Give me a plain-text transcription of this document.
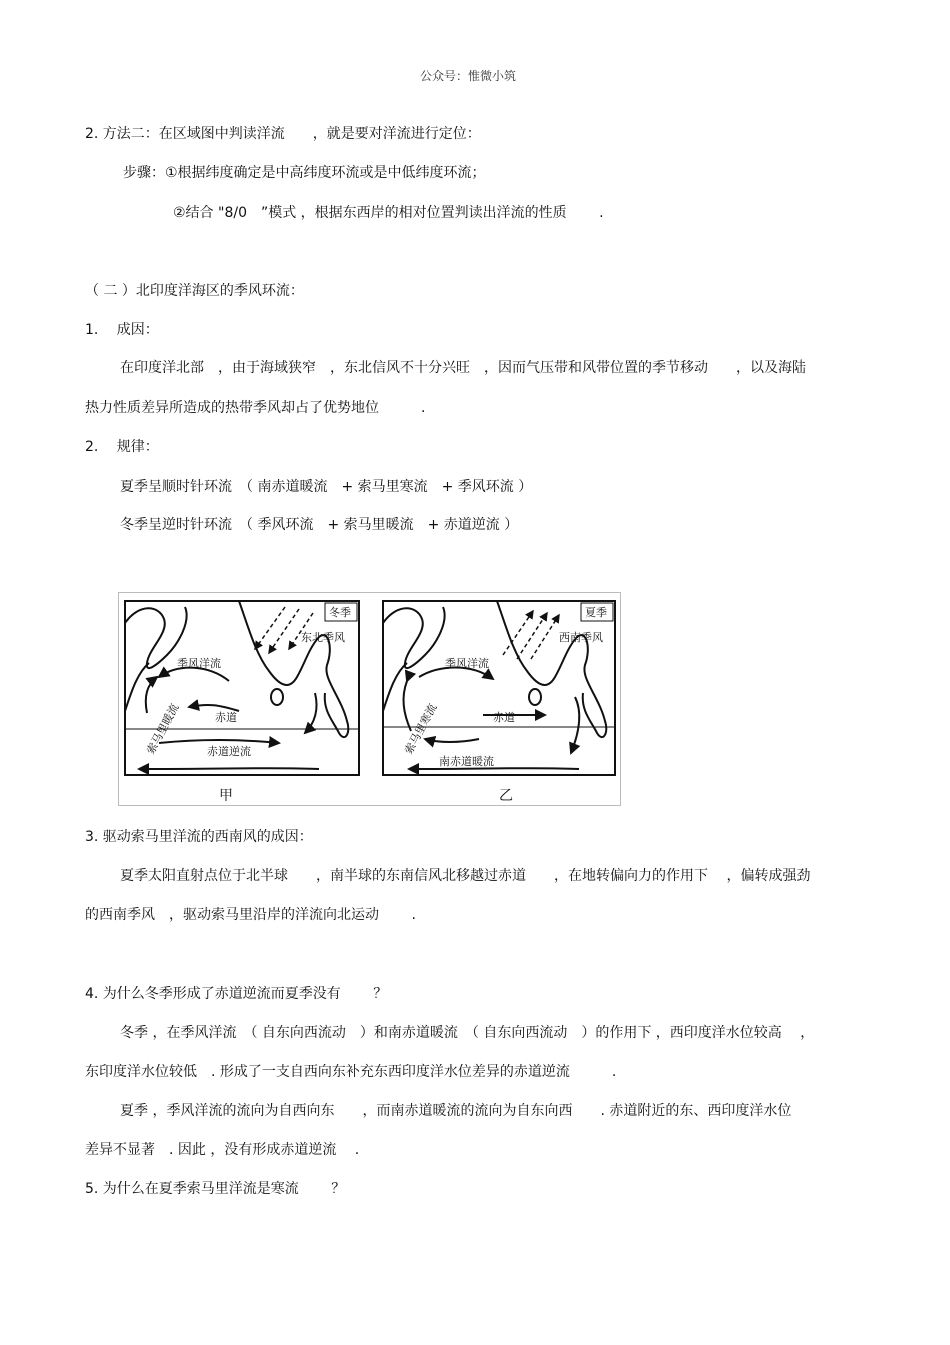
公众号：惟微小筑
2. 方法二：在区域图中判读洋流　　，就是要对洋流进行定位：
步骤：①根据纬度确定是中高纬度环流或是中低纬度环流；
②结合 "8/0　”模式 ，根据东西岸的相对位置判读出洋流的性质　　 .
（ 二 ）北印度洋海区的季风环流：
1.　 成因：
在印度洋北部　，由于海域狭窄　，东北信风不十分兴旺　，因而气压带和风带位置的季节移动　　，以及海陆
热力性质差异所造成的热带季风却占了优势地位　　　.
2.　 规律：
夏季呈顺时针环流　（ 南赤道暖流　+ 索马里寒流　+ 季风环流 ）
冬季呈逆时针环流　（ 季风环流　+ 索马里暖流　+ 赤道逆流 ）
冬季
东北季风
季风洋流
赤道
索马里暖流 赤道逆流
夏季
西南季风
季风洋流
赤道
索马里寒流
南赤道暖流
甲	乙
3. 驱动索马里洋流的西南风的成因：
夏季太阳直射点位于北半球　　，南半球的东南信风北移越过赤道　　，在地转偏向力的作用下　 ，偏转成强劲
的西南季风　，驱动索马里沿岸的洋流向北运动　　 .
4. 为什么冬季形成了赤道逆流而夏季没有　　 ？
冬季 ，在季风洋流　（ 自东向西流动　）和南赤道暖流　（ 自东向西流动　）的作用下 ，西印度洋水位较高　 ，
东印度洋水位较低　. 形成了一支自西向东补充东西印度洋水位差异的赤道逆流　　　.
夏季 ，季风洋流的流向为自西向东　　，而南赤道暖流的流向为自东向西　　. 赤道附近的东、西印度洋水位
差异不显著　. 因此 ，没有形成赤道逆流　 .
5. 为什么在夏季索马里洋流是寒流　　 ？
